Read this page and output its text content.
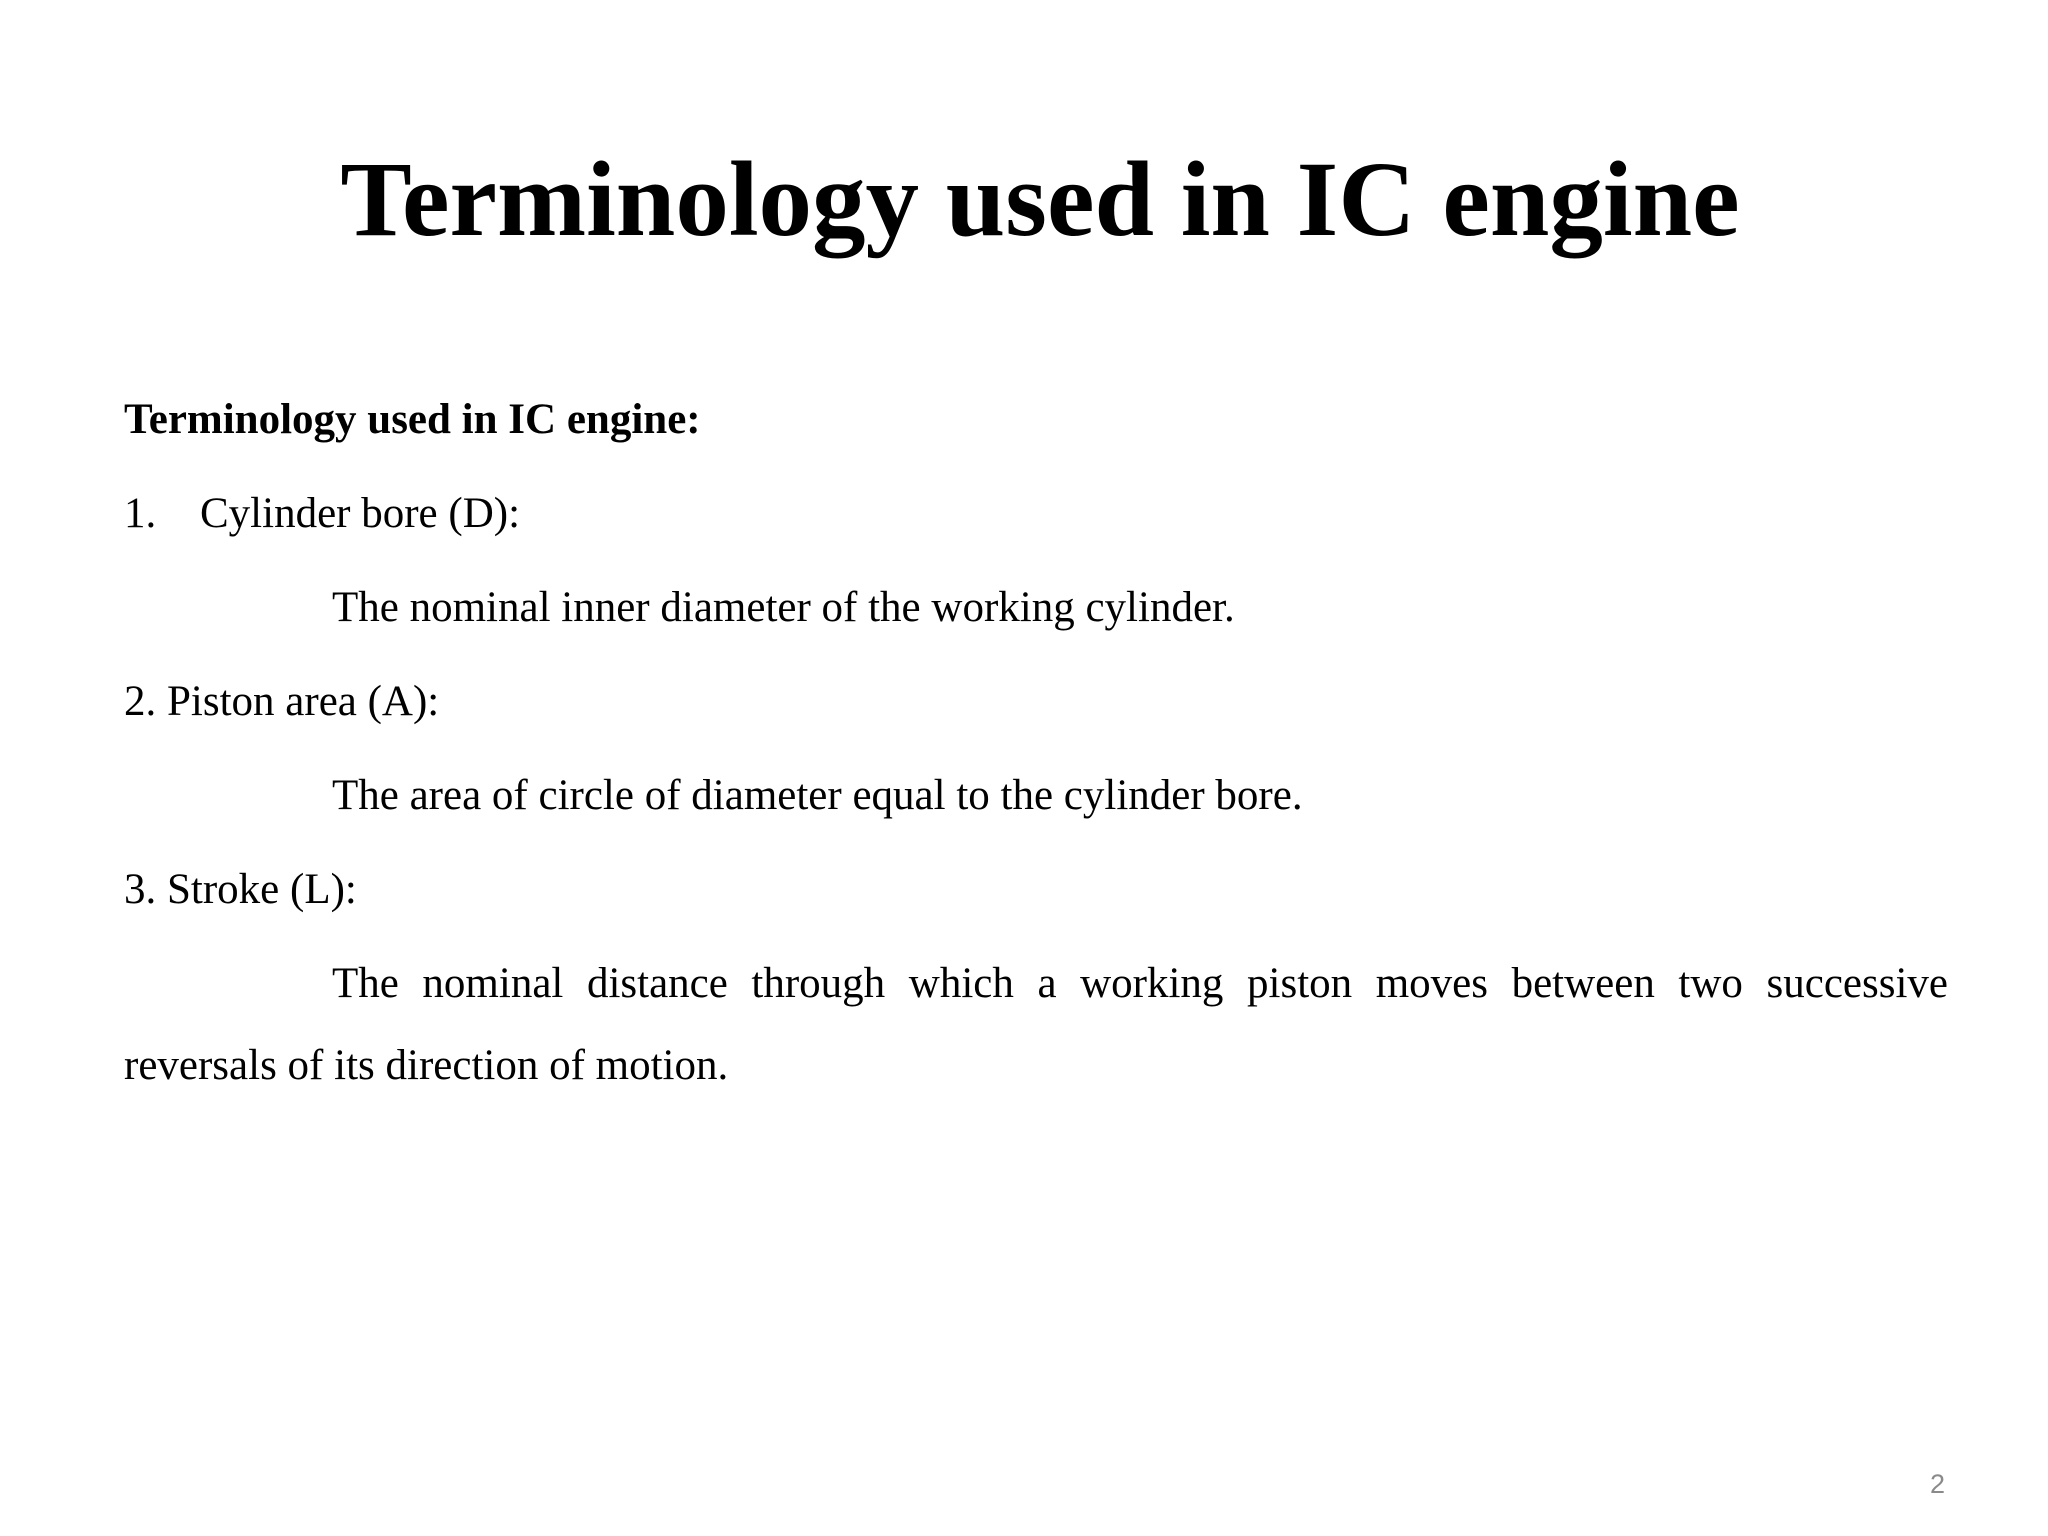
Terminology used in IC engine

Terminology used in IC engine:

1. Cylinder bore (D):

The nominal inner diameter of the working cylinder.

2. Piston area (A):

The area of circle of diameter equal to the cylinder bore.

3. Stroke (L):

The nominal distance through which a working piston moves between two successive reversals of its direction of motion.

2
